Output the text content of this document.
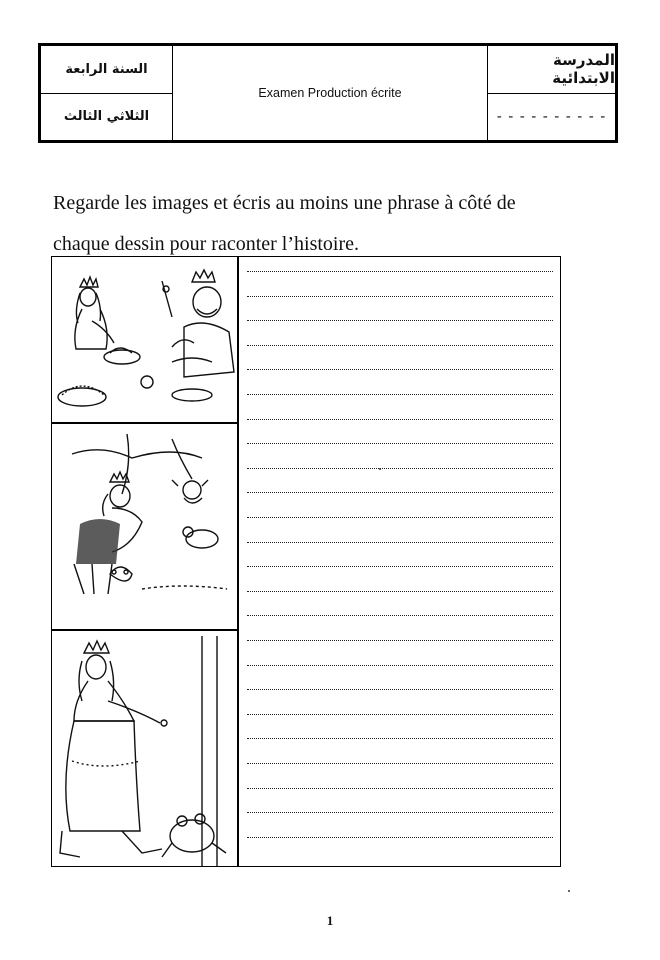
السنة الرابعة
الثلاثي الثالث
Examen Production écrite
المدرسة الابتدائية
- - - - - - - - - -
Regarde les images et écris au moins une phrase à côté de
chaque dessin pour raconter l’histoire.
1
